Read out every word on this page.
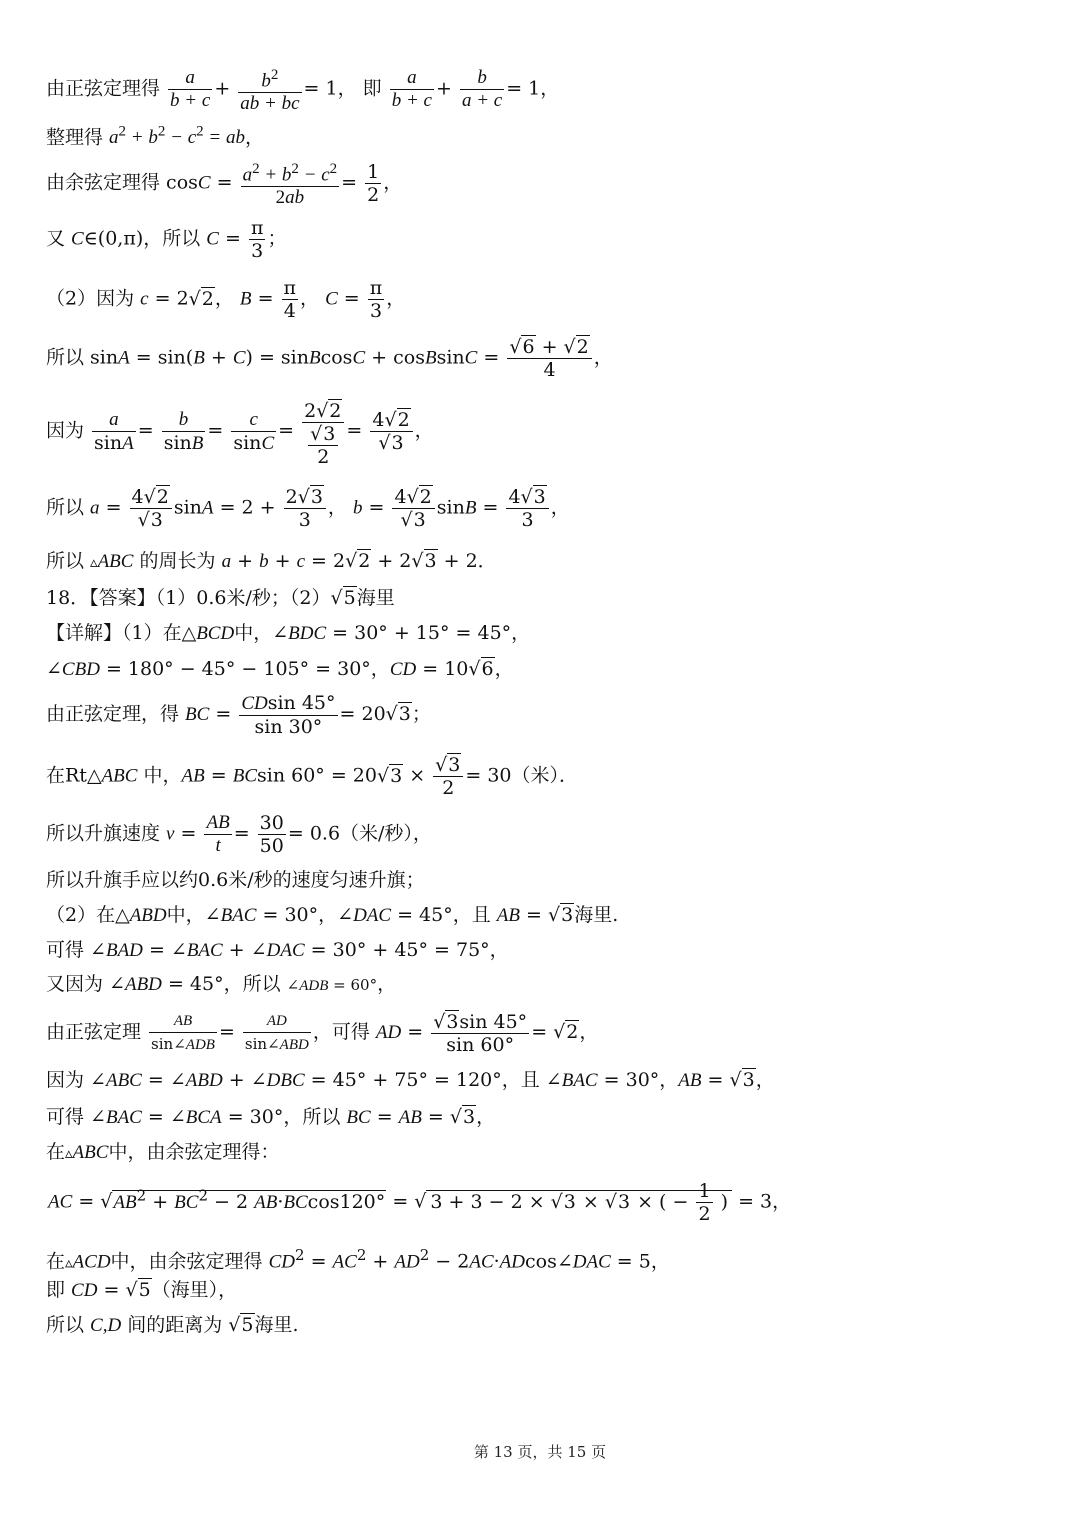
由正弦定理得 $\frac{a}{b + c} + \frac{b^2}{ab + bc} = 1$， 即 $\frac{a}{b + c} + \frac{b}{a + c} = 1$，
整理得 $a^2 + b^2 - c^2$ = ab，
由余弦定理得 $\cos C = \frac{a^2 + b^2 - c^2}{2ab} = \frac{1}{2}$ ，
又 C∈(0,π)，所以 $C = \frac{\pi}{3}$ ；
（2）因为 c = 2√2， $B = \frac{\pi}{4}$ ， $C = \frac{\pi}{3}$ ，
所以 sinA = sin(B + C) = sinBcosC + cosBsinC = $\frac{√6 + √2}{4}$ ，
因为 $\frac{a}{\sin A} = \frac{b}{\sin B} = \frac{c}{\sin C} = \frac{2√2}{\frac{√3}{2}} = \frac{4√2}{√3}$ ，
所以 $a = \frac{4√2}{√3}$ $\sin A = 2 + \frac{2√3}{3}$ ， $b = \frac{4√2}{√3}$ $\sin B = \frac{4√3}{3}$ ，
所以 ▵ABC 的周长为 a + b + c = 2√2 + 2√3 + 2．
18．【答案】（1）0.6米/秒；（2）√5海里
【详解】（1）在△BCD中，∠BDC = 30° + 15° = 45°，
∠CBD = 180° − 45° − 105° = 30°，CD = 10√6，
由正弦定理，得 BC = $\frac{CDsin 45^\circ}{\sin 30^\circ} = 20√3$；
在Rt△ABC 中，AB = BCsin $60^\circ = 20√3 \times \frac{√3}{2} = 30$（米）．
所以升旗速度 $v = \frac{AB}{t} = \frac{30}{50} = 0.6$（米/秒），
所以升旗手应以约0.6米/秒的速度匀速升旗；
（2）在△ABD中，∠BAC = 30°，∠DAC = 45°，且 AB = √3海里.
可得 ∠BAD = ∠BAC + ∠DAC = 30° + 45° = 75°，
又因为 ∠ABD = 45°，所以 ∠ADB = 60°，
由正弦定理 $\frac{AB}{\text{sin∠ADB}} = \frac{AD}{\text{sin∠ABD}}$ ，可得 AD = $\frac{√3\sin 45^\circ}{\sin 60^\circ} = √2$，
因为 ∠ABC = ∠ABD + ∠DBC = 45° + 75° = 120°，且 ∠BAC = 30°，AB = √3，
可得 ∠BAC = ∠BCA = 30°，所以 BC = AB = √3，
在▵ABC中，由余弦定理得：
AC = $√AB^2 + BC^2 - 2$ AB·BCcos120° = √ 3 + 3 − 2 × √3 × √3 × ( − $\frac{1}{2}$ ) = 3，
在▵ACD中，由余弦定理得 $CD^2 = AC^2 + AD^2$ − 2AC·ADcos∠DAC = 5，
即 CD = √5（海里），
所以 C,D 间的距离为 √5海里.
第 13 页，共 15 页
